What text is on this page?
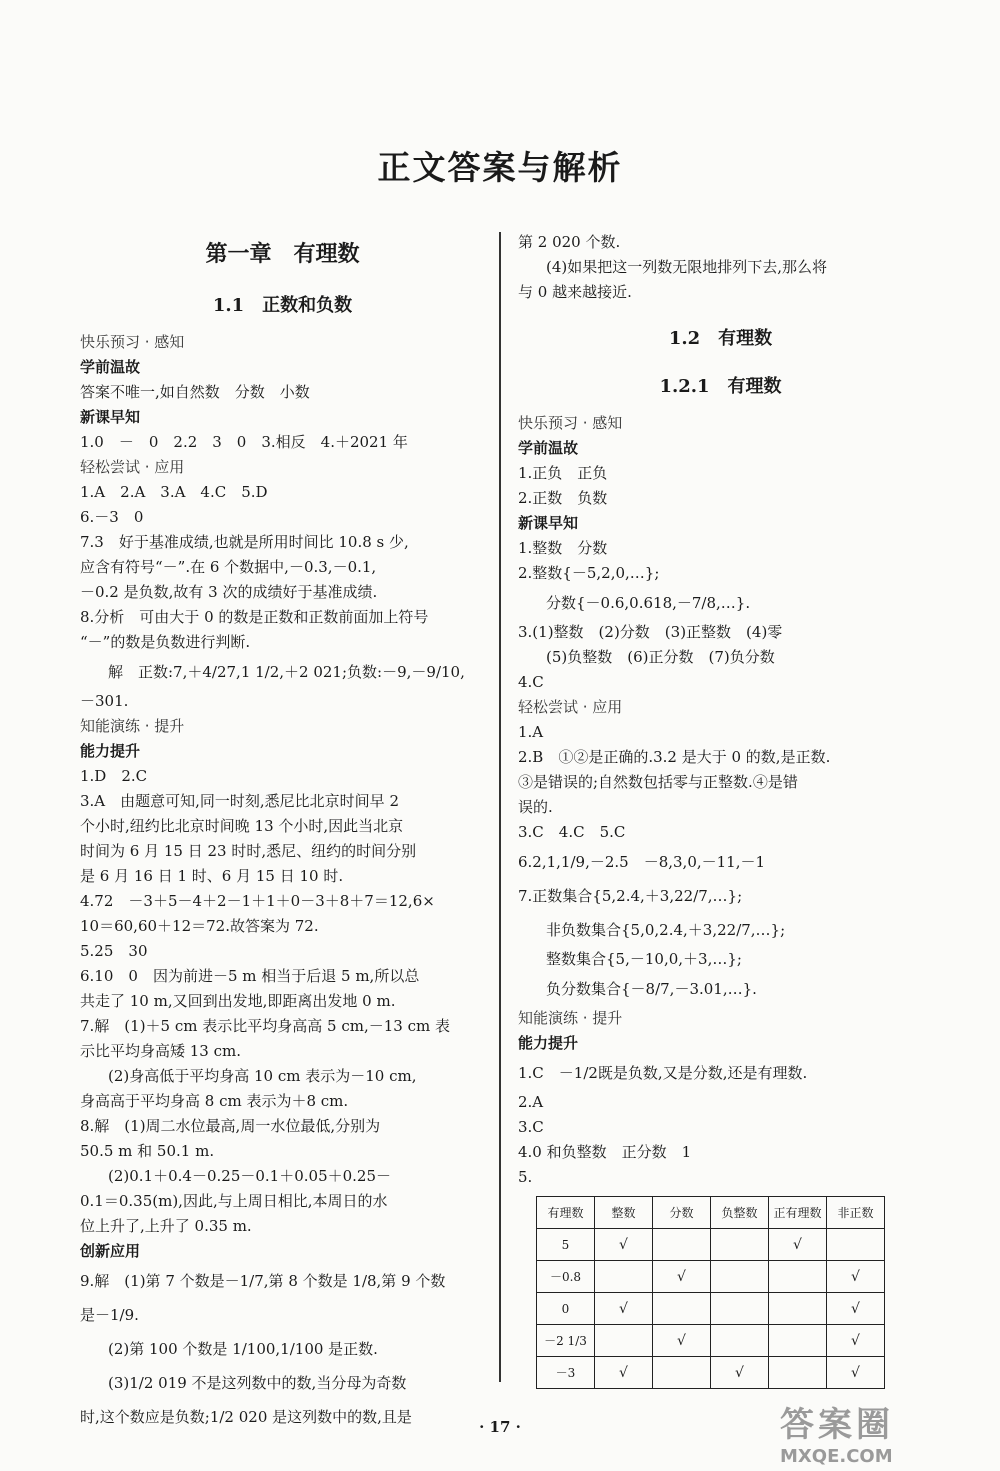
正文答案与解析
第一章　有理数
1.1　正数和负数
快乐预习 · 感知
学前温故
答案不唯一,如自然数　分数　小数
新课早知
1.0　－　0　2.2　3　0　3.相反　4.＋2021 年
轻松尝试 · 应用
1.A　2.A　3.A　4.C　5.D
6.－3　0
7.3　好于基准成绩,也就是所用时间比 10.8 s 少,
应含有符号“－”.在 6 个数据中,－0.3,－0.1,
－0.2 是负数,故有 3 次的成绩好于基准成绩.
8.分析　可由大于 0 的数是正数和正数前面加上符号
“－”的数是负数进行判断.
解　正数:7,＋4/27,1 1/2,＋2 021;负数:－9,－9/10,
－301.
知能演练 · 提升
能力提升
1.D　2.C
3.A　由题意可知,同一时刻,悉尼比北京时间早 2
个小时,纽约比北京时间晚 13 个小时,因此当北京
时间为 6 月 15 日 23 时时,悉尼、纽约的时间分别
是 6 月 16 日 1 时、6 月 15 日 10 时.
4.72　－3＋5－4＋2－1＋1＋0－3＋8＋7＝12,6×
10＝60,60＋12＝72.故答案为 72.
5.25　30
6.10　0　因为前进－5 m 相当于后退 5 m,所以总
共走了 10 m,又回到出发地,即距离出发地 0 m.
7.解　(1)＋5 cm 表示比平均身高高 5 cm,－13 cm 表
示比平均身高矮 13 cm.
(2)身高低于平均身高 10 cm 表示为－10 cm,
身高高于平均身高 8 cm 表示为＋8 cm.
8.解　(1)周二水位最高,周一水位最低,分别为
50.5 m 和 50.1 m.
(2)0.1＋0.4－0.25－0.1＋0.05＋0.25－
0.1＝0.35(m),因此,与上周日相比,本周日的水
位上升了,上升了 0.35 m.
创新应用
9.解　(1)第 7 个数是－1/7,第 8 个数是 1/8,第 9 个数
是－1/9.
(2)第 100 个数是 1/100,1/100 是正数.
(3)1/2 019 不是这列数中的数,当分母为奇数
时,这个数应是负数;1/2 020 是这列数中的数,且是
第 2 020 个数.
(4)如果把这一列数无限地排列下去,那么将
与 0 越来越接近.
1.2　有理数
1.2.1　有理数
快乐预习 · 感知
学前温故
1.正负　正负
2.正数　负数
新课早知
1.整数　分数
2.整数{－5,2,0,…};
分数{－0.6,0.618,－7/8,…}.
3.(1)整数　(2)分数　(3)正整数　(4)零
(5)负整数　(6)正分数　(7)负分数
4.C
轻松尝试 · 应用
1.A
2.B　①②是正确的.3.2 是大于 0 的数,是正数.
③是错误的;自然数包括零与正整数.④是错
误的.
3.C　4.C　5.C
6.2,1,1/9,－2.5　－8,3,0,－11,－1
7.正数集合{5,2.4,＋3,22/7,…};
非负数集合{5,0,2.4,＋3,22/7,…};
整数集合{5,－10,0,＋3,…};
负分数集合{－8/7,－3.01,…}.
知能演练 · 提升
能力提升
1.C　－1/2既是负数,又是分数,还是有理数.
2.A
3.C
4.0 和负整数　正分数　1
5.
有理数	整数	分数	负整数	正有理数	非正数
5	√			√	
－0.8		√			√
0	√				√
－2 1/3		√			√
－3	√		√		√
· 17 ·	答案圈
MXQE.COM
